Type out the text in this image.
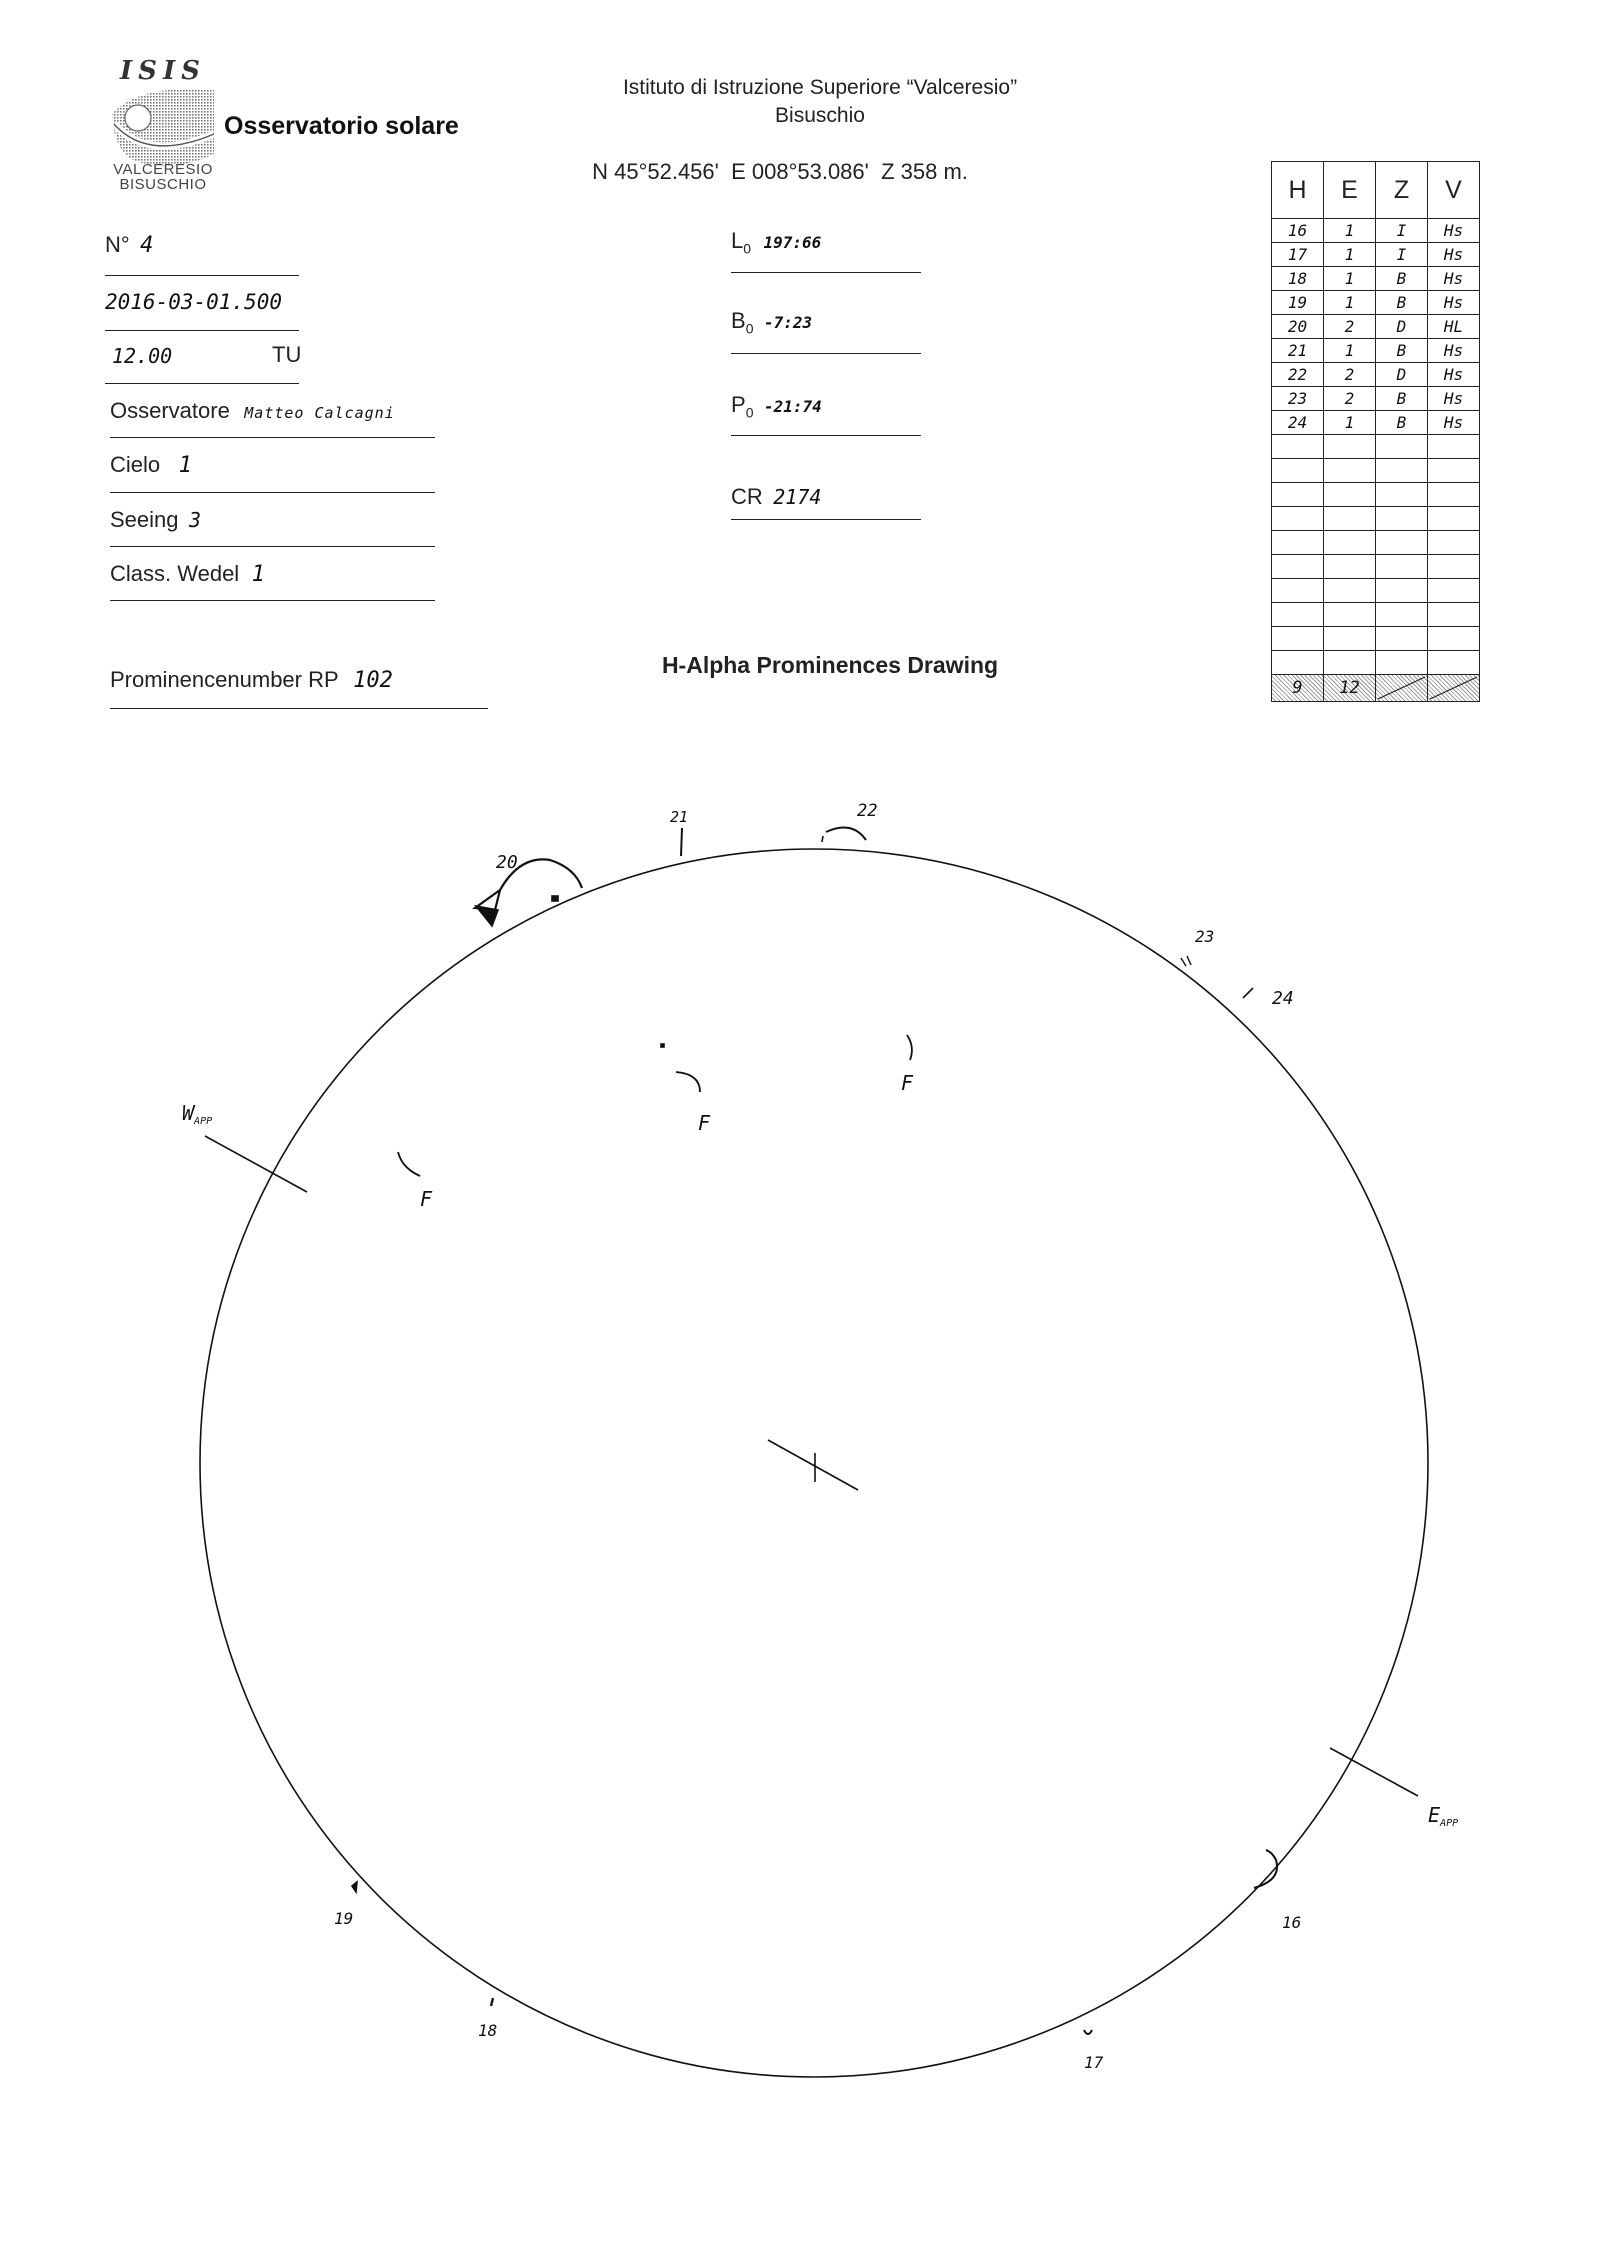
ISIS
VALCERESIO
BISUSCHIO
Osservatorio solare
Istituto di Istruzione Superiore “Valceresio”
Bisuschio
N 45°52.456'  E 008°53.086'  Z 358 m.
N° 4
2016-03-01.500
12.00	TU
Osservatore Matteo Calcagni
Cielo 1
Seeing 3
Class. Wedel 1
Prominencenumber RP 102
$L_0$ 197:66
$B_0$ -7:23
$P_0$ -21:74
CR 2174
H-Alpha Prominences Drawing
H	E	Z	V
16	1	I	Hs
17	1	I	Hs
18	1	B	Hs
19	1	B	Hs
20	2	D	HL
21	1	B	Hs
22	2	D	Hs
23	2	B	Hs
24	1	B	Hs

9	12	

$W_{APP}$
$E_{APP}$
F
F
F
20
21	22
23
24
16
17
18
19
